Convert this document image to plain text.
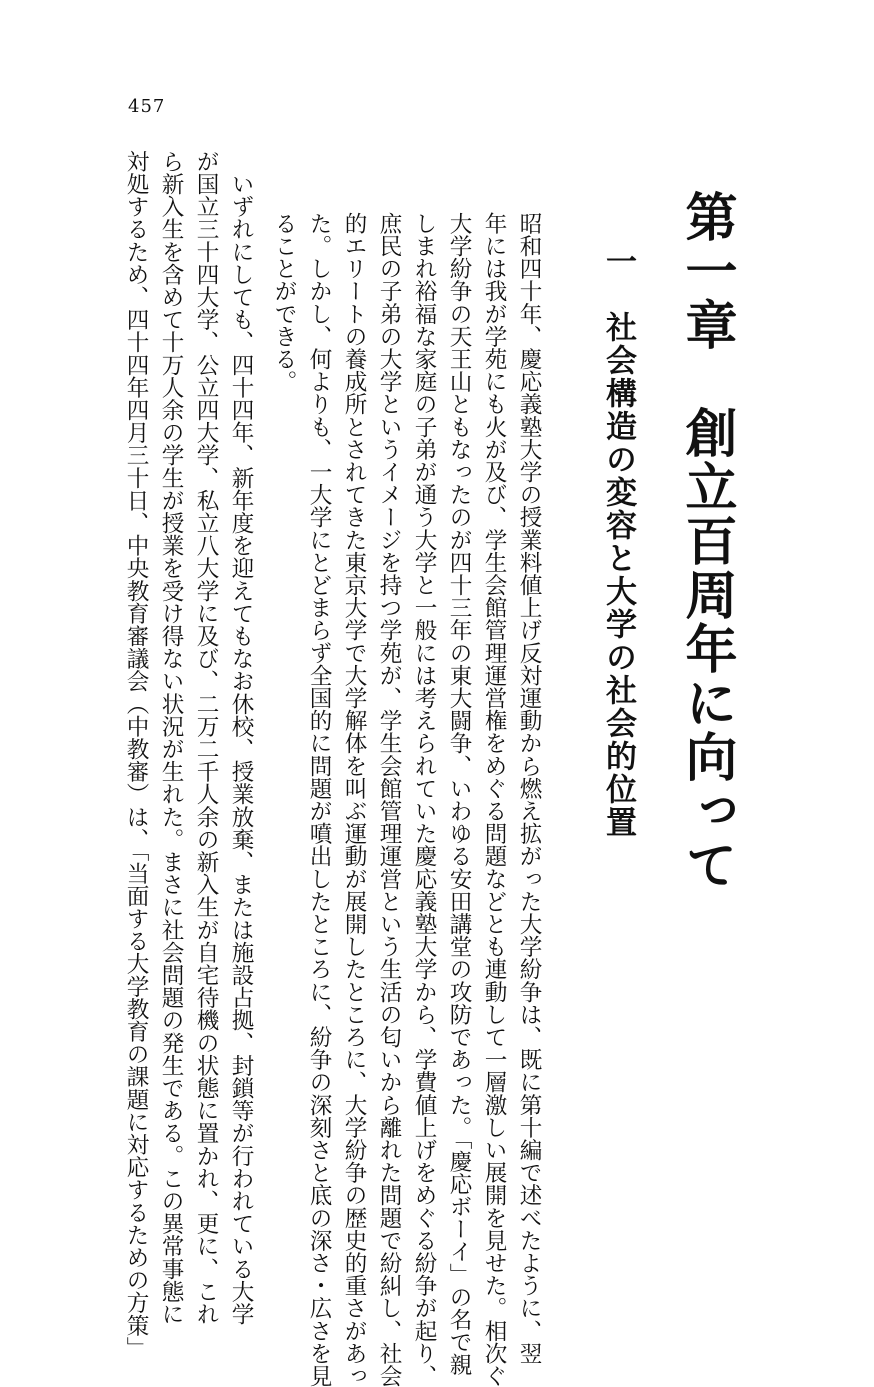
457
第一章　創立百周年に向って
一　社会構造の変容と大学の社会的位置

昭和四十年、慶応義塾大学の授業料値上げ反対運動から燃え拡がった大学紛争は、既に第十編で述べたように、翌

年には我が学苑にも火が及び、学生会館管理運営権をめぐる問題などとも連動して一層激しい展開を見せた。相次ぐ

大学紛争の天王山ともなったのが四十三年の東大闘争、いわゆる安田講堂の攻防であった。「慶応ボーイ」の名で親

しまれ裕福な家庭の子弟が通う大学と一般には考えられていた慶応義塾大学から、学費値上げをめぐる紛争が起り、

庶民の子弟の大学というイメージを持つ学苑が、学生会館管理運営という生活の匂いから離れた問題で紛糾し、社会

的エリートの養成所とされてきた東京大学で大学解体を叫ぶ運動が展開したところに、大学紛争の歴史的重さがあっ

た。しかし、何よりも、一大学にとどまらず全国的に問題が噴出したところに、紛争の深刻さと底の深さ・広さを見

ることができる。

　いずれにしても、四十四年、新年度を迎えてもなお休校、授業放棄、または施設占拠、封鎖等が行われている大学

が国立三十四大学、公立四大学、私立八大学に及び、二万二千人余の新入生が自宅待機の状態に置かれ、更に、これ

ら新入生を含めて十万人余の学生が授業を受け得ない状況が生れた。まさに社会問題の発生である。この異常事態に

対処するため、四十四年四月三十日、中央教育審議会（中教審）は、「当面する大学教育の課題に対応するための方策」
